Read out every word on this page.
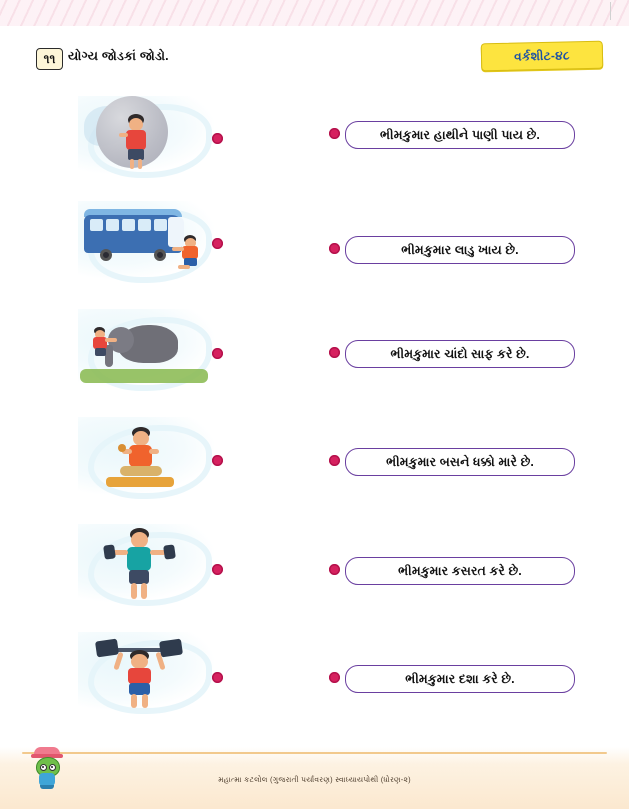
૧૧	યોગ્ય જોડકાં જોડો.	વર્કશીટ-૪૮
ભીમકુમાર હાથીને પાણી પાય છે.
ભીમકુમાર લાડુ ખાય છે.
ભીમકુમાર ચાંદો સાફ કરે છે.
ભીમકુમાર બસને ધક્કો મારે છે.
ભીમકુમાર કસરત કરે છે.
ભીમકુમાર દશા કરે છે.
મહાત્મા કટલોલ (ગુજરાતી પર્યાવરણ) સ્વાધ્યાયપોથી (ધોરણ-૨)
